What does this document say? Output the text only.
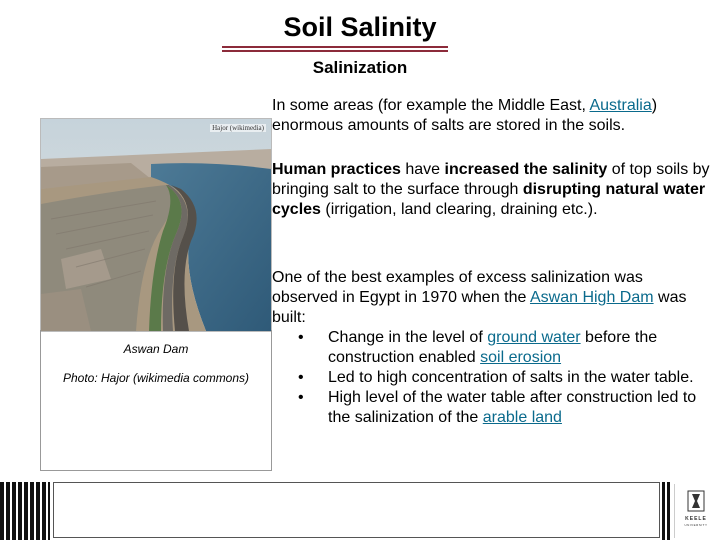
Soil Salinity
Salinization
Hajor (wikimedia)
Aswan Dam
Photo: Hajor (wikimedia commons)
In some areas (for example the Middle East, Australia) enormous amounts of salts are stored in the soils.
Human practices have increased the salinity of top soils by bringing salt to the surface through disrupting natural water cycles (irrigation, land clearing, draining etc.).
One of the best examples of excess salinization was observed in Egypt in 1970 when the Aswan High Dam was built:
• Change in the level of ground water before the construction enabled soil erosion
• Led to high concentration of salts in the water table.
• High level of the water table after construction led to the salinization of the arable land
KEELE
UNIVERSITY
